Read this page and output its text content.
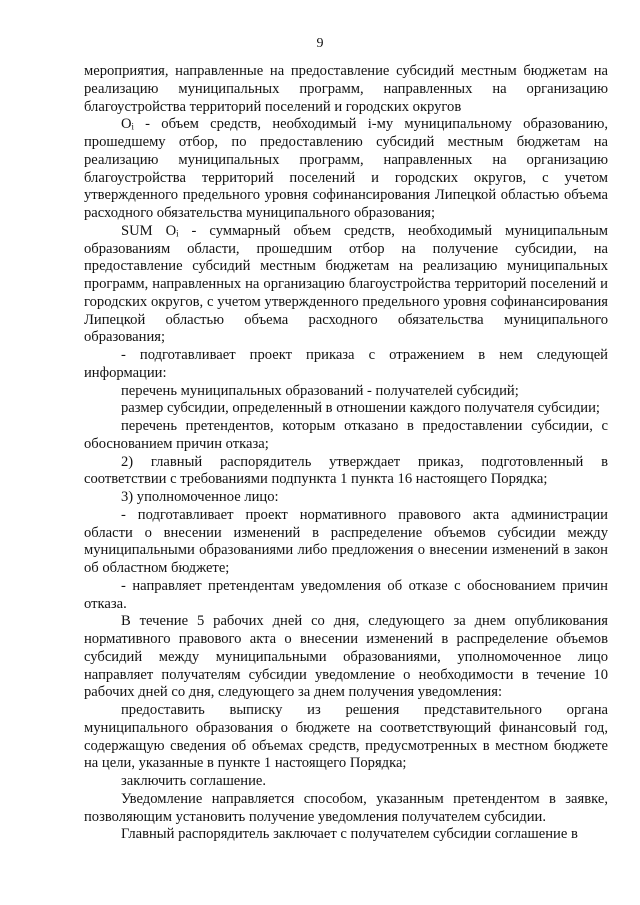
9

мероприятия, направленные на предоставление субсидий местным бюджетам на реализацию муниципальных программ, направленных на организацию благоустройства территорий поселений и городских округов

Oᵢ - объем средств, необходимый i-му муниципальному образованию, прошедшему отбор, по предоставлению субсидий местным бюджетам на реализацию муниципальных программ, направленных на организацию благоустройства территорий поселений и городских округов, с учетом утвержденного предельного уровня софинансирования Липецкой областью объема расходного обязательства муниципального образования;

SUM Oᵢ - суммарный объем средств, необходимый муниципальным образованиям области, прошедшим отбор на получение субсидии, на предоставление субсидий местным бюджетам на реализацию муниципальных программ, направленных на организацию благоустройства территорий поселений и городских округов, с учетом утвержденного предельного уровня софинансирования Липецкой областью объема расходного обязательства муниципального образования;

- подготавливает проект приказа с отражением в нем следующей информации:

перечень муниципальных образований - получателей субсидий;

размер субсидии, определенный в отношении каждого получателя субсидии;

перечень претендентов, которым отказано в предоставлении субсидии, с обоснованием причин отказа;

2) главный распорядитель утверждает приказ, подготовленный в соответствии с требованиями подпункта 1 пункта 16 настоящего Порядка;

3) уполномоченное лицо:

- подготавливает проект нормативного правового акта администрации области о внесении изменений в распределение объемов субсидии между муниципальными образованиями либо предложения о внесении изменений в закон об областном бюджете;

- направляет претендентам уведомления об отказе с обоснованием причин отказа.

В течение 5 рабочих дней со дня, следующего за днем опубликования нормативного правового акта о внесении изменений в распределение объемов субсидий между муниципальными образованиями, уполномоченное лицо направляет получателям субсидии уведомление о необходимости в течение 10 рабочих дней со дня, следующего за днем получения уведомления:

предоставить выписку из решения представительного органа муниципального образования о бюджете на соответствующий финансовый год, содержащую сведения об объемах средств, предусмотренных в местном бюджете на цели, указанные в пункте 1 настоящего Порядка;

заключить соглашение.

Уведомление направляется способом, указанным претендентом в заявке, позволяющим установить получение уведомления получателем субсидии.

Главный распорядитель заключает с получателем субсидии соглашение в
